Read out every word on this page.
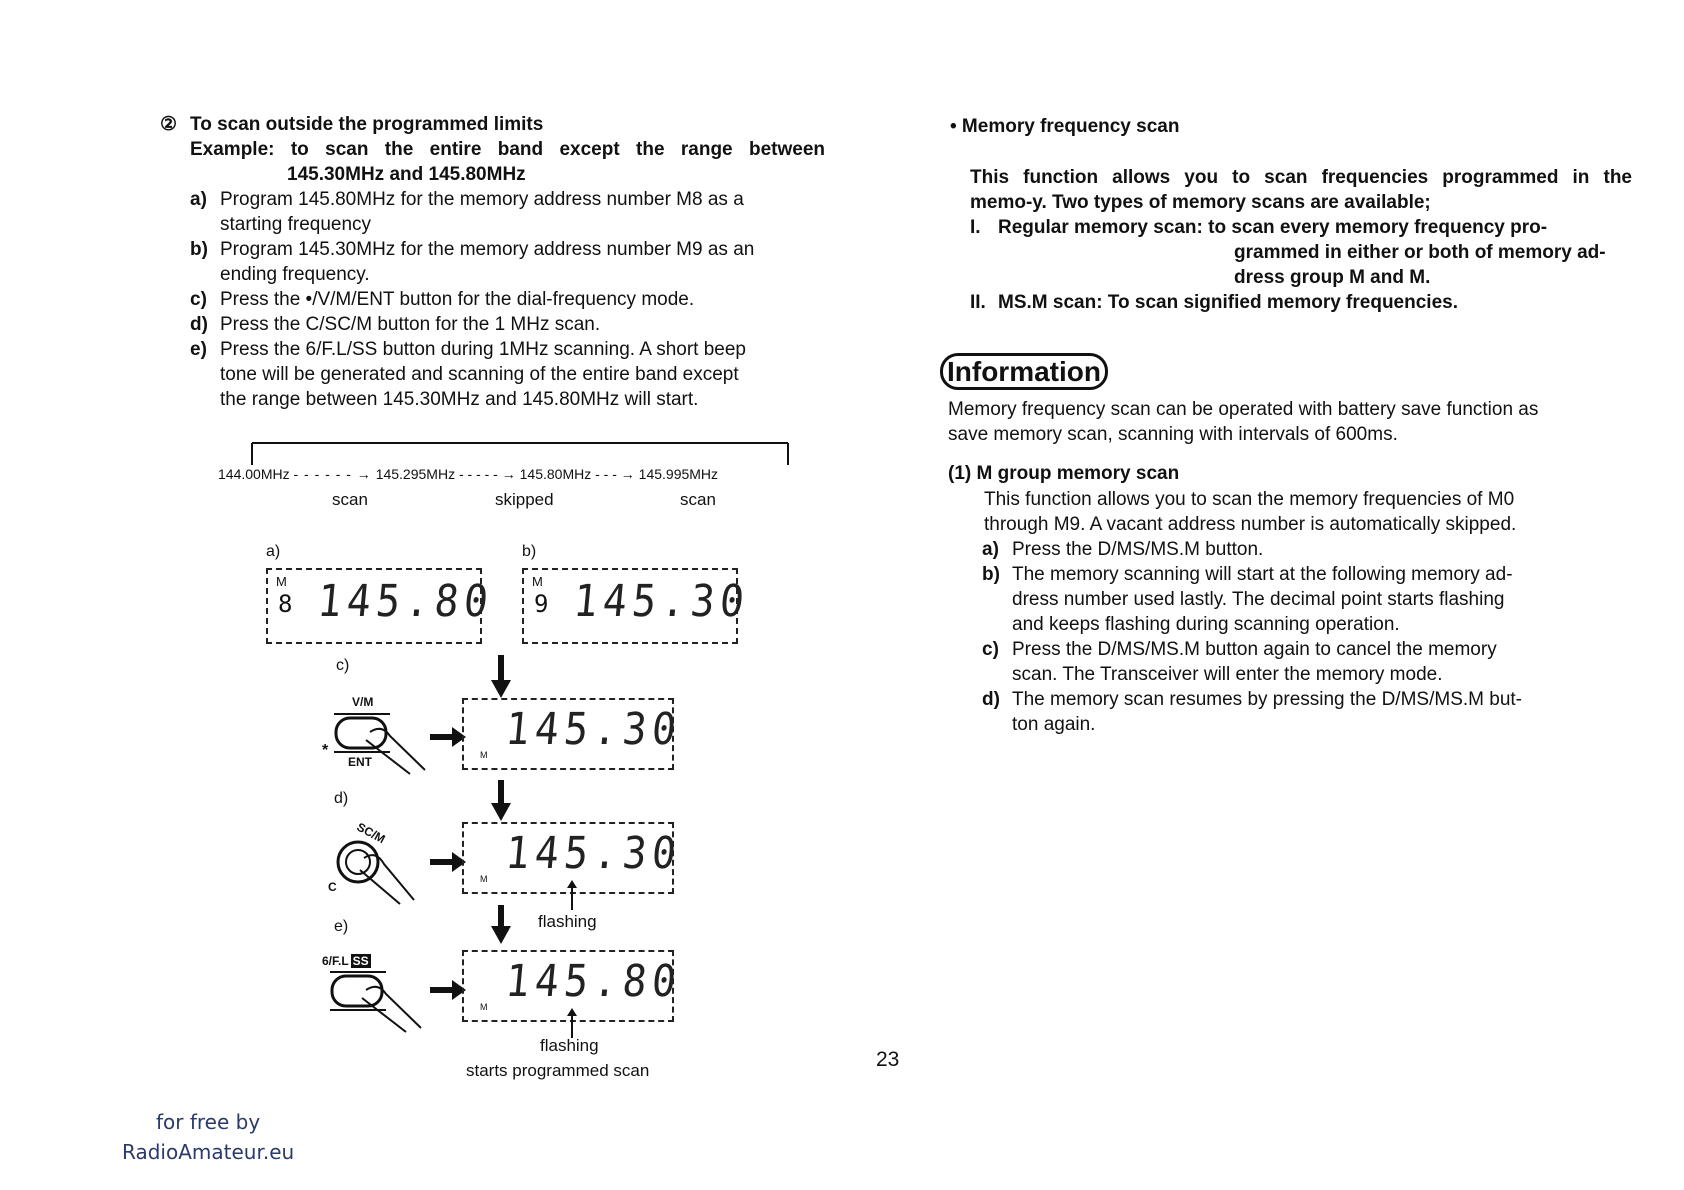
② To scan outside the programmed limits
Example: to scan the entire band except the range between
145.30MHz and 145.80MHz
a) Program 145.80MHz for the memory address number M8 as a
starting frequency
b) Program 145.30MHz for the memory address number M9 as an
ending frequency.
c) Press the •/V/M/ENT button for the dial-frequency mode.
d) Press the C/SC/M button for the 1 MHz scan.
e) Press the 6/F.L/SS button during 1MHz scanning. A short beep
tone will be generated and scanning of the entire band except
the range between 145.30MHz and 145.80MHz will start.
144.00MHz - - - - - - → 145.295MHz - - - - - → 145.80MHz - - - → 145.995MHz
scan	skipped	scan
a)	b)
M
8 145.80	M
9 145.30
c)
V/M
ENT
*	M 145.30
d)
SC/M
C
M 145.30
flashing
e)
6/F.L SS
M 145.80
flashing
starts programmed scan	23
for free by
RadioAmateur.eu
• Memory frequency scan
This function allows you to scan frequencies programmed in the
memo-y. Two types of memory scans are available;
I. Regular memory scan: to scan every memory frequency pro-
grammed in either or both of memory ad-
dress group M and M.
II. MS.M scan: To scan signified memory frequencies.
Information
Memory frequency scan can be operated with battery save function as
save memory scan, scanning with intervals of 600ms.
(1) M group memory scan
This function allows you to scan the memory frequencies of M0
through M9. A vacant address number is automatically skipped.
a) Press the D/MS/MS.M button.
b) The memory scanning will start at the following memory ad-
dress number used lastly. The decimal point starts flashing
and keeps flashing during scanning operation.
c) Press the D/MS/MS.M button again to cancel the memory
scan. The Transceiver will enter the memory mode.
d) The memory scan resumes by pressing the D/MS/MS.M but-
ton again.
